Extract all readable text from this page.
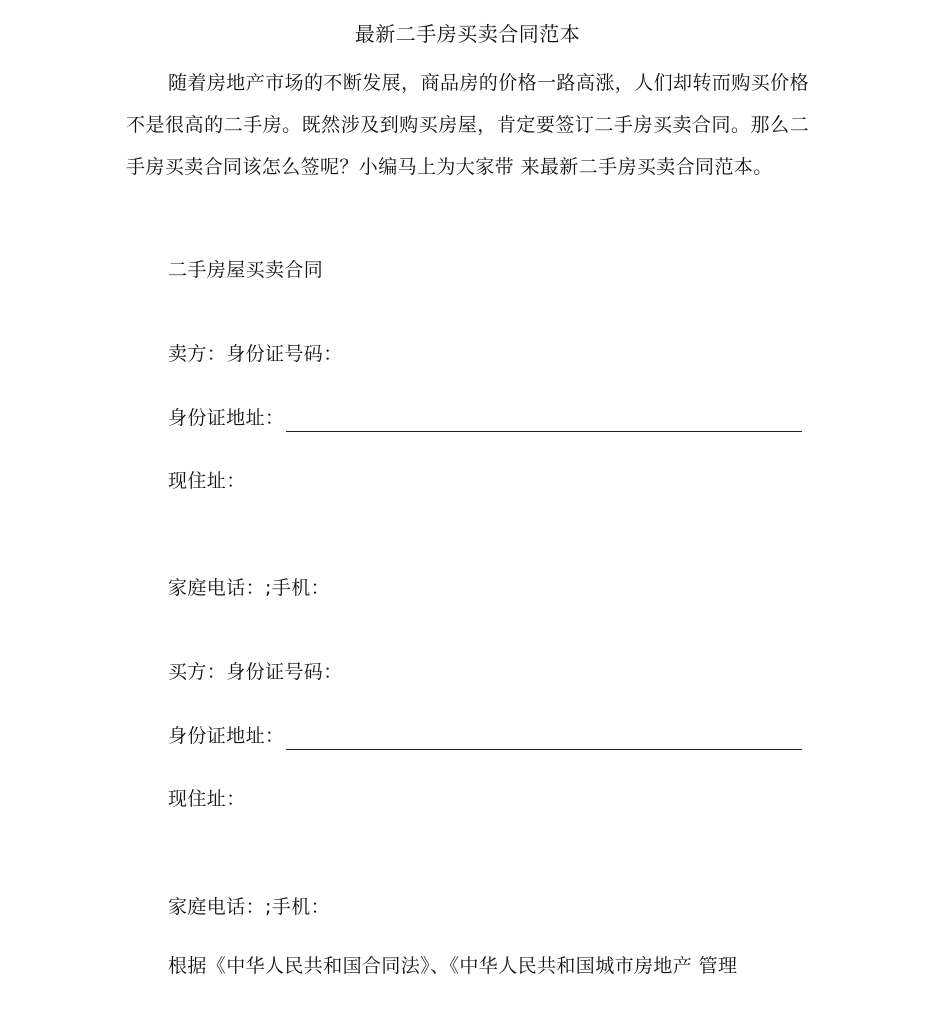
最新二手房买卖合同范本
随着房地产市场的不断发展，商品房的价格一路高涨，人们却转而购买价格不是很高的二手房。既然涉及到购买房屋，肯定要签订二手房买卖合同。那么二手房买卖合同该怎么签呢？小编马上为大家带 来最新二手房买卖合同范本。
二手房屋买卖合同
卖方：身份证号码：
身份证地址：
现住址：
家庭电话：;手机：
买方：身份证号码：
身份证地址：
现住址：
家庭电话：;手机：
根据《中华人民共和国合同法》、《中华人民共和国城市房地产 管理
